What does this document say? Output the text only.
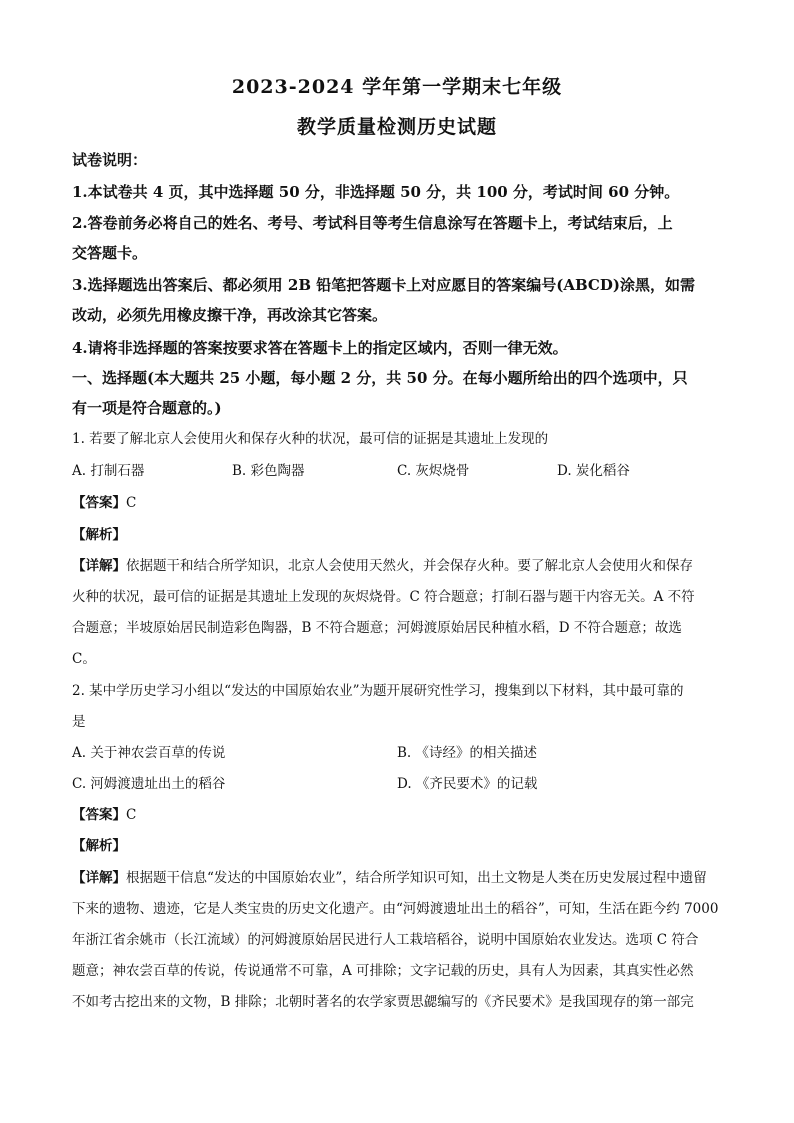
2023-2024 学年第一学期末七年级
教学质量检测历史试题
试卷说明：
1.本试卷共 4 页，其中选择题 50 分，非选择题 50 分，共 100 分，考试时间 60 分钟。
2.答卷前务必将自己的姓名、考号、考试科目等考生信息涂写在答题卡上，考试结束后，上
交答题卡。
3.选择题选出答案后、都必须用 2B 铅笔把答题卡上对应愿目的答案编号(ABCD)涂黑，如需
改动，必须先用橡皮擦干净，再改涂其它答案。
4.请将非选择题的答案按要求答在答题卡上的指定区域内，否则一律无效。
一、选择题(本大题共 25 小题，每小题 2 分，共 50 分。在每小题所给出的四个选项中，只
有一项是符合题意的。)
1. 若要了解北京人会使用火和保存火种的状况，最可信的证据是其遗址上发现的
A. 打制石器	B. 彩色陶器	C. 灰烬烧骨	D. 炭化稻谷
【答案】C
【解析】
【详解】依据题干和结合所学知识，北京人会使用天然火，并会保存火种。要了解北京人会使用火和保存
火种的状况，最可信的证据是其遗址上发现的灰烬烧骨。C 符合题意；打制石器与题干内容无关。A 不符
合题意；半坡原始居民制造彩色陶器，B 不符合题意；河姆渡原始居民种植水稻，D 不符合题意；故选
C。
2. 某中学历史学习小组以“发达的中国原始农业”为题开展研究性学习，搜集到以下材料，其中最可靠的
是
A. 关于神农尝百草的传说	B. 《诗经》的相关描述
C. 河姆渡遗址出土的稻谷	D. 《齐民要术》的记载
【答案】C
【解析】
【详解】根据题干信息“发达的中国原始农业”，结合所学知识可知，出土文物是人类在历史发展过程中遗留
下来的遗物、遗迹，它是人类宝贵的历史文化遗产。由“河姆渡遗址出土的稻谷”，可知，生活在距今约 7000
年浙江省余姚市（长江流域）的河姆渡原始居民进行人工栽培稻谷，说明中国原始农业发达。选项 C 符合
题意；神农尝百草的传说，传说通常不可靠，A 可排除；文字记载的历史，具有人为因素，其真实性必然
不如考古挖出来的文物，B 排除；北朝时著名的农学家贾思勰编写的《齐民要术》是我国现存的第一部完
